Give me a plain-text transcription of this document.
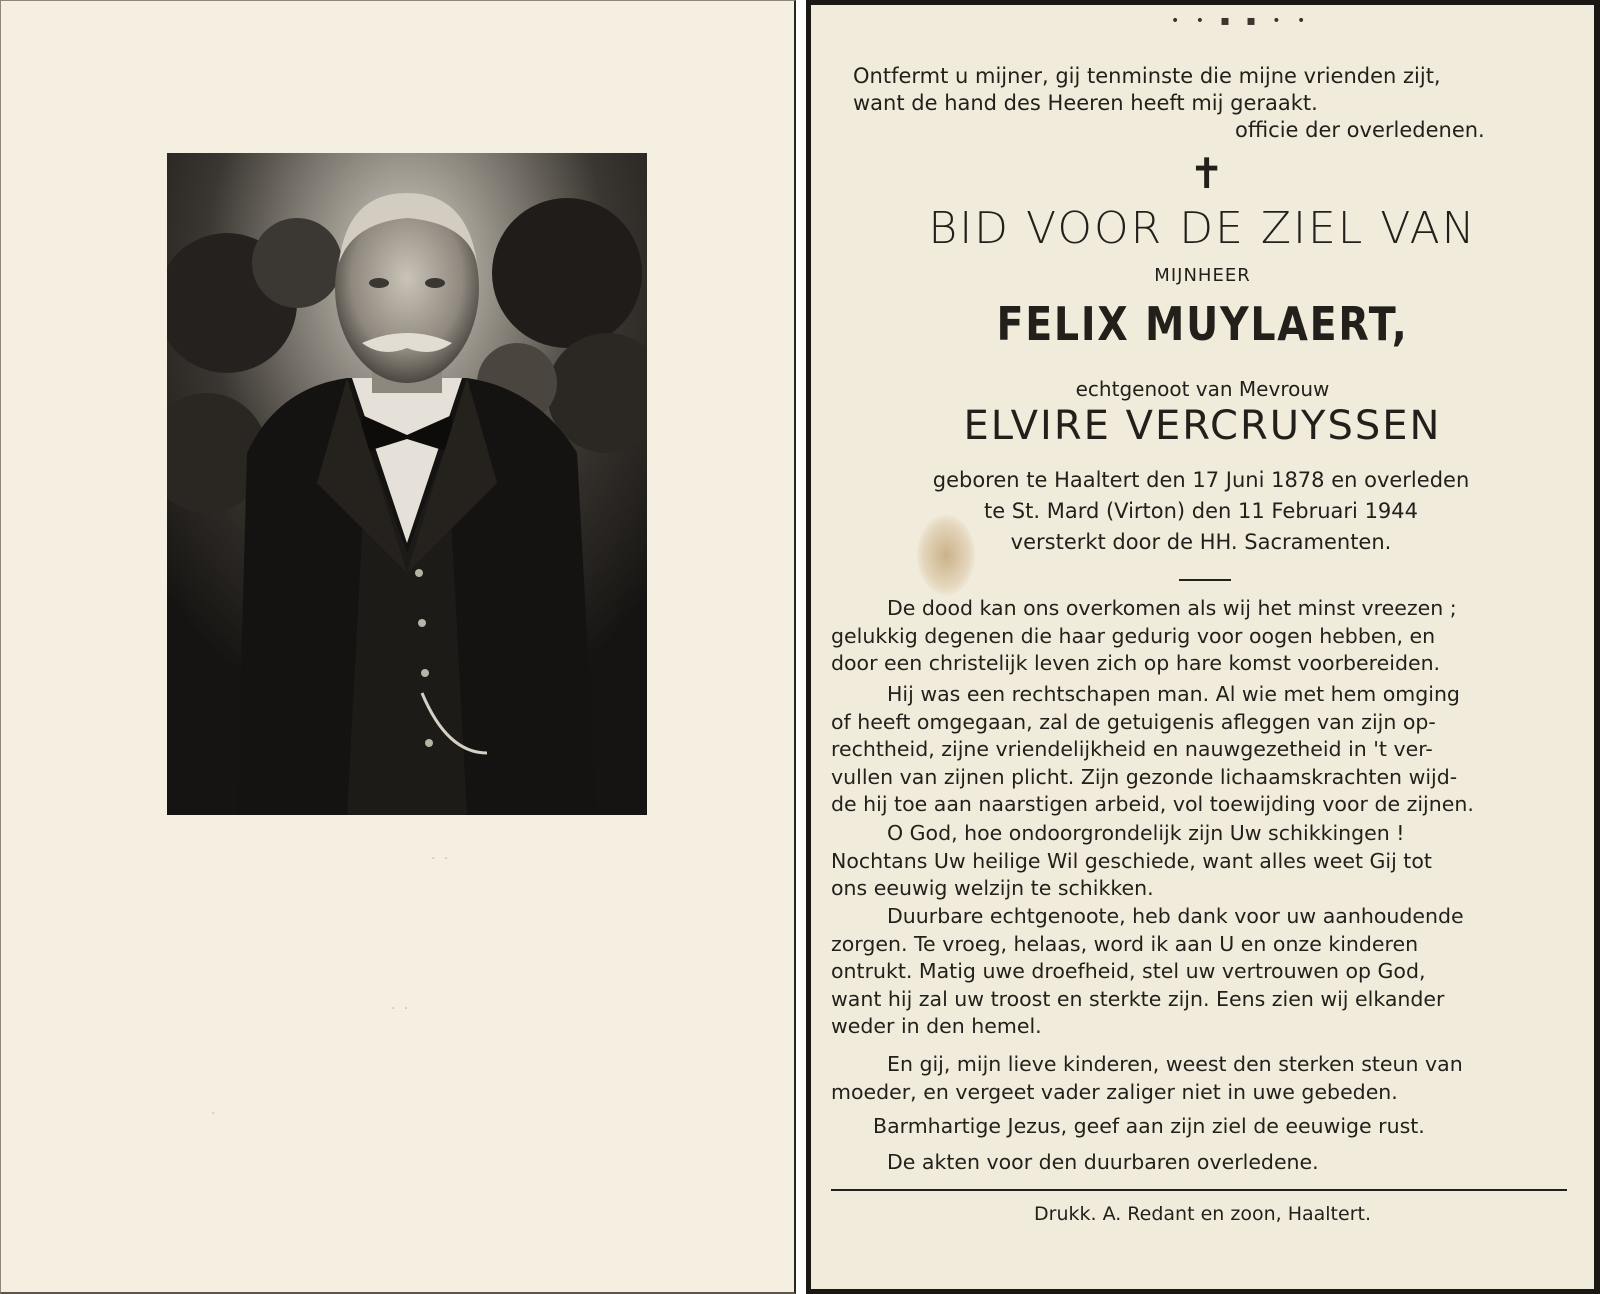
· ·
· ·
·
• • ▪ ▪ • •
Ontfermt u mijner, gij tenminste die mijne vrienden zijt,
want de hand des Heeren heeft mij geraakt.
officie der overledenen.
✝
BID VOOR DE ZIEL VAN
MIJNHEER
FELIX MUYLAERT,
echtgenoot van Mevrouw
ELVIRE VERCRUYSSEN
geboren te Haaltert den 17 Juni 1878 en overleden
te St. Mard (Virton) den 11 Februari 1944
versterkt door de HH. Sacramenten.
De dood kan ons overkomen als wij het minst vreezen ;
gelukkig degenen die haar gedurig voor oogen hebben, en
door een christelijk leven zich op hare komst voorbereiden.
Hij was een rechtschapen man. Al wie met hem omging
of heeft omgegaan, zal de getuigenis afleggen van zijn op-
rechtheid, zijne vriendelijkheid en nauwgezetheid in 't ver-
vullen van zijnen plicht. Zijn gezonde lichaamskrachten wijd-
de hij toe aan naarstigen arbeid, vol toewijding voor de zijnen.
O God, hoe ondoorgrondelijk zijn Uw schikkingen !
Nochtans Uw heilige Wil geschiede, want alles weet Gij tot
ons eeuwig welzijn te schikken.
Duurbare echtgenoote, heb dank voor uw aanhoudende
zorgen. Te vroeg, helaas, word ik aan U en onze kinderen
ontrukt. Matig uwe droefheid, stel uw vertrouwen op God,
want hij zal uw troost en sterkte zijn. Eens zien wij elkander
weder in den hemel.
En gij, mijn lieve kinderen, weest den sterken steun van
moeder, en vergeet vader zaliger niet in uwe gebeden.
Barmhartige Jezus, geef aan zijn ziel de eeuwige rust.
De akten voor den duurbaren overledene.
Drukk. A. Redant en zoon, Haaltert.
